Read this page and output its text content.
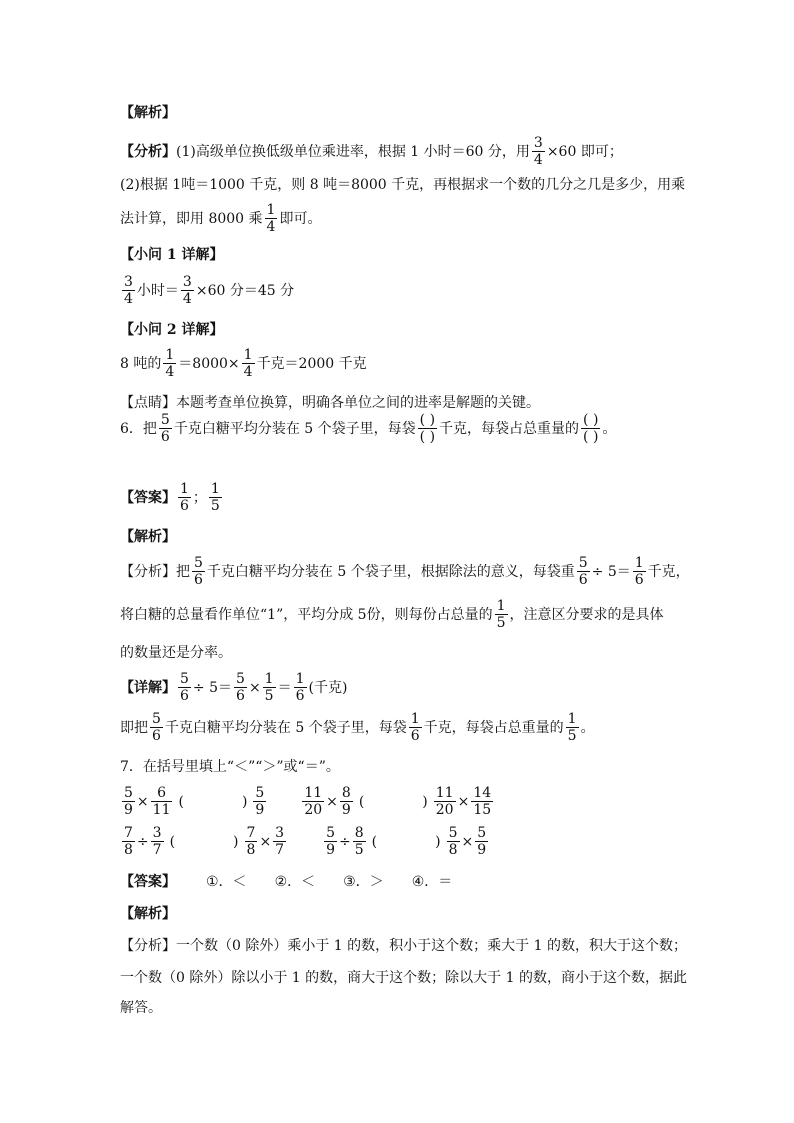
【解析】
【分析】 (1)高级单位换低级单位乘进率，根据 1 小时＝60 分，用 $\frac{3}{4} \times 60$ 即可；
(2)根据 1吨＝1000 千克，则 8 吨＝8000 千克，再根据求一个数的几分之几是多少，用乘
法计算，即用 8000 乘 $\frac{1}{4}$ 即可。
【小问 1 详解】
$\frac{3}{4}$ 小时＝ $\frac{3}{4} \times 60$ 分＝45 分
【小问 2 详解】
8 吨的 $\frac{1}{4} =8000\times \frac{1}{4}$ 千克＝2000 千克
【点睛】本题考查单位换算，明确各单位之间的进率是解题的关键。
6．把 $\frac{5}{6}$ 千克白糖平均分装在 5 个袋子里，每袋 $\frac{( )}{( )}$ 千克，每袋占总重量的 $\frac{( )}{( )}$ 。
【答案】 $\frac{1}{6}$ ； $\frac{1}{5}$
【解析】
【分析】把 $\frac{5}{6}$ 千克白糖平均分装在 5 个袋子里，根据除法的意义，每袋重 $\frac{5}{6} \div 5= \frac{1}{6}$ 千克，
将白糖的总量看作单位“1”，平均分成 5份，则每份占总量的 $\frac{1}{5}$ ，注意区分要求的是具体
的数量还是分率。
【详解】 $\frac{5}{6} \div 5= \frac{5}{6} \times \frac{1}{5} = \frac{1}{6}$ (千克)
即把 $\frac{5}{6}$ 千克白糖平均分装在 5 个袋子里，每袋 $\frac{1}{6}$ 千克，每袋占总重量的 $\frac{1}{5}$ 。
7．在括号里填上“＜”“＞”或“＝”。
$\frac{5}{9} \times \frac{6}{11}$ (	) $\frac{5}{9}$	$\frac{11}{20} \times \frac{8}{9}$ (	) $\frac{11}{20} \times \frac{14}{15}$
$\frac{7}{8} \div \frac{3}{7}$ (	) $\frac{7}{8} \times \frac{3}{7}$	$\frac{5}{9} \div \frac{8}{5}$ (	) $\frac{5}{8} \times \frac{5}{9}$
【答案】 ①．＜ ②．＜ ③．＞ ④．＝
【解析】
【分析】一个数（0 除外）乘小于 1 的数，积小于这个数；乘大于 1 的数，积大于这个数；
一个数（0 除外）除以小于 1 的数，商大于这个数；除以大于 1 的数，商小于这个数，据此
解答。
